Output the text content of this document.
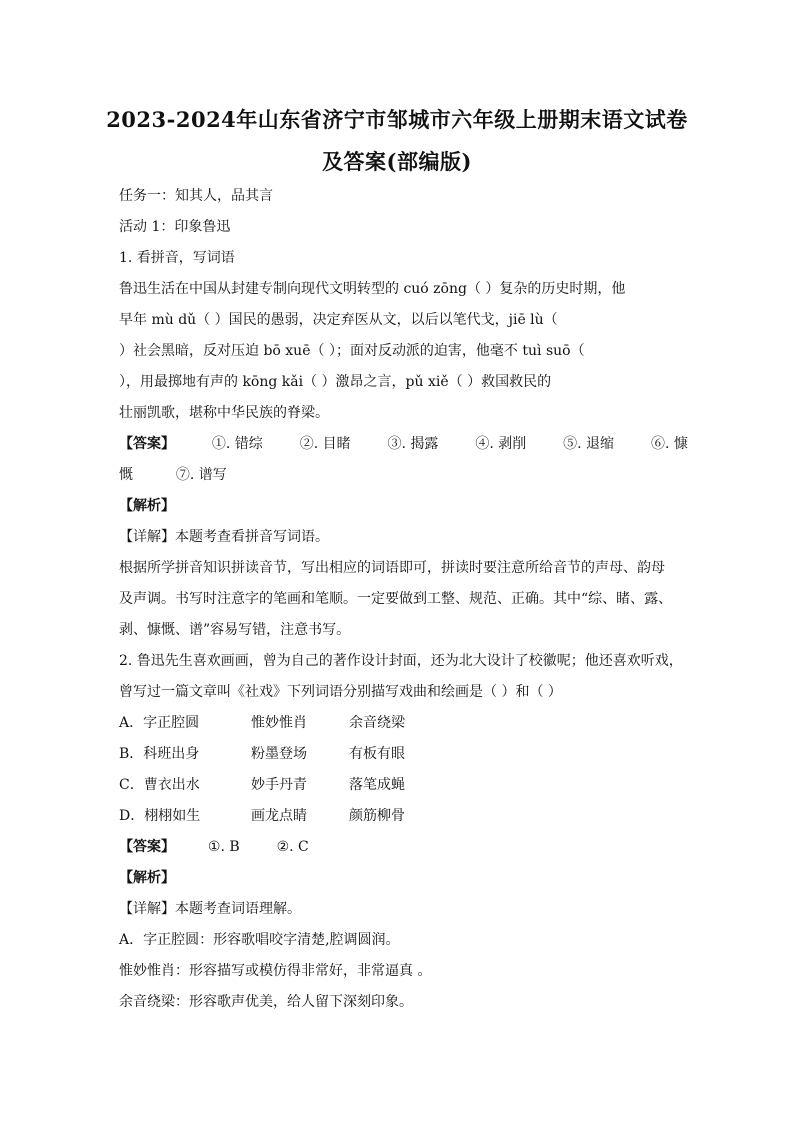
2023-2024年山东省济宁市邹城市六年级上册期末语文试卷
及答案(部编版)
任务一：知其人，品其言
活动 1：印象鲁迅
1. 看拼音，写词语
鲁迅生活在中国从封建专制向现代文明转型的 cuó zōng（ ）复杂的历史时期，他
早年 mù dǔ（ ）国民的愚弱，决定弃医从文，以后以笔代戈，jiē lù（
）社会黑暗，反对压迫 bō xuē（ ）；面对反动派的迫害，他毫不 tuì suō（
），用最掷地有声的 kōng kǎi（ ）激昂之言，pǔ xiě（ ）救国救民的
壮丽凯歌，堪称中华民族的脊梁。
【答案】	①. 错综	②. 目睹	③. 揭露	④. 剥削	⑤. 退缩	⑥. 慷
慨	⑦. 谱写
【解析】
【详解】本题考查看拼音写词语。
根据所学拼音知识拼读音节，写出相应的词语即可，拼读时要注意所给音节的声母、韵母
及声调。书写时注意字的笔画和笔顺。一定要做到工整、规范、正确。其中“综、睹、露、
剥、慷慨、谱”容易写错，注意书写。
2. 鲁迅先生喜欢画画，曾为自己的著作设计封面，还为北大设计了校徽呢；他还喜欢听戏，
曾写过一篇文章叫《社戏》下列词语分别描写戏曲和绘画是（ ）和（ ）
A．字正腔圆	惟妙惟肖	余音绕梁
B．科班出身	粉墨登场	有板有眼
C．曹衣出水	妙手丹青	落笔成蝇
D．栩栩如生	画龙点睛	颜筋柳骨
【答案】 ①. B	②. C
【解析】
【详解】本题考查词语理解。
A．字正腔圆：形容歌唱咬字清楚,腔调圆润。
惟妙惟肖：形容描写或模仿得非常好，非常逼真 。
余音绕梁：形容歌声优美，给人留下深刻印象。
